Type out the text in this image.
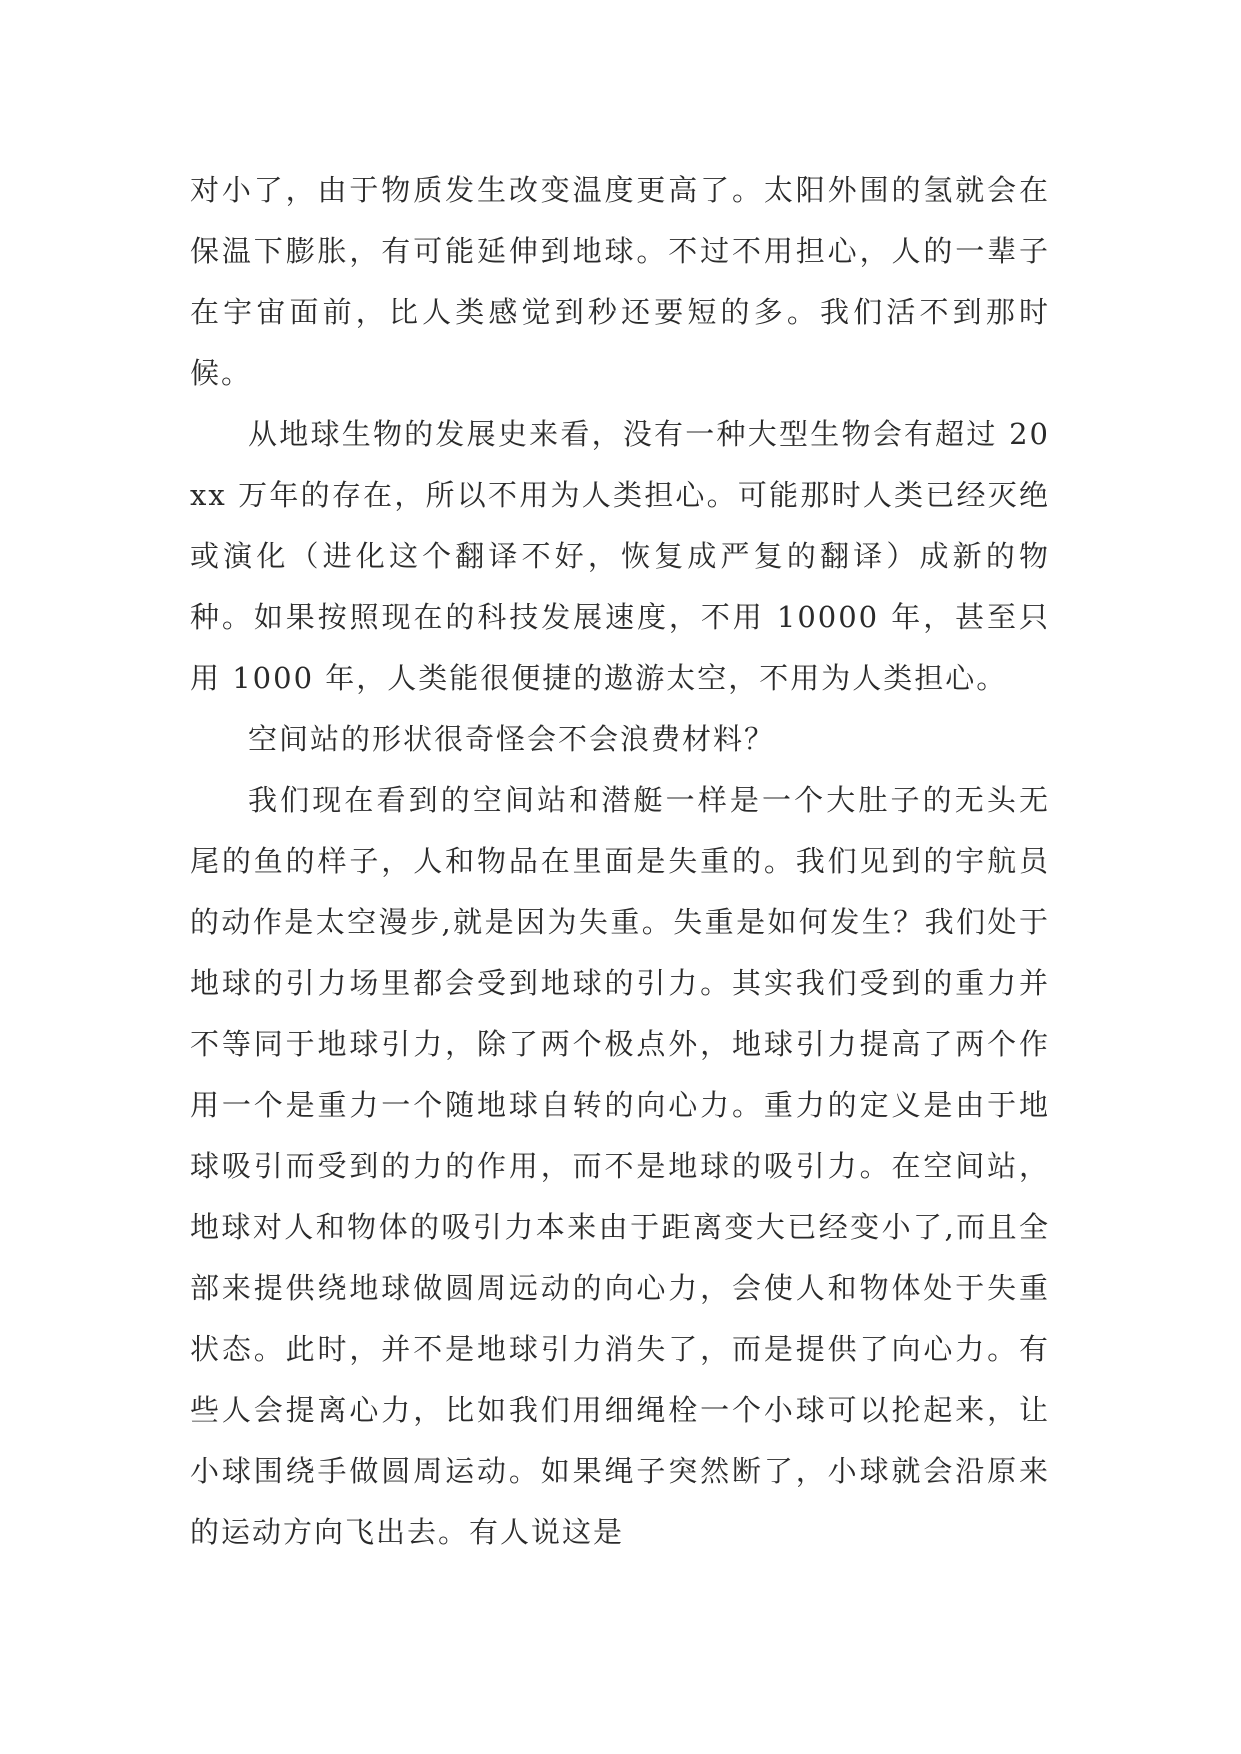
对小了，由于物质发生改变温度更高了。太阳外围的氢就会在保温下膨胀，有可能延伸到地球。不过不用担心，人的一辈子在宇宙面前，比人类感觉到秒还要短的多。我们活不到那时候。

从地球生物的发展史来看，没有一种大型生物会有超过 20xx 万年的存在，所以不用为人类担心。可能那时人类已经灭绝或演化（进化这个翻译不好，恢复成严复的翻译）成新的物种。如果按照现在的科技发展速度，不用 10000 年，甚至只用 1000 年，人类能很便捷的遨游太空，不用为人类担心。

空间站的形状很奇怪会不会浪费材料？

我们现在看到的空间站和潜艇一样是一个大肚子的无头无尾的鱼的样子，人和物品在里面是失重的。我们见到的宇航员的动作是太空漫步,就是因为失重。失重是如何发生？我们处于地球的引力场里都会受到地球的引力。其实我们受到的重力并不等同于地球引力，除了两个极点外，地球引力提高了两个作用一个是重力一个随地球自转的向心力。重力的定义是由于地球吸引而受到的力的作用，而不是地球的吸引力。在空间站，地球对人和物体的吸引力本来由于距离变大已经变小了,而且全部来提供绕地球做圆周远动的向心力，会使人和物体处于失重状态。此时，并不是地球引力消失了，而是提供了向心力。有些人会提离心力，比如我们用细绳栓一个小球可以抡起来，让小球围绕手做圆周运动。如果绳子突然断了，小球就会沿原来的运动方向飞出去。有人说这是
